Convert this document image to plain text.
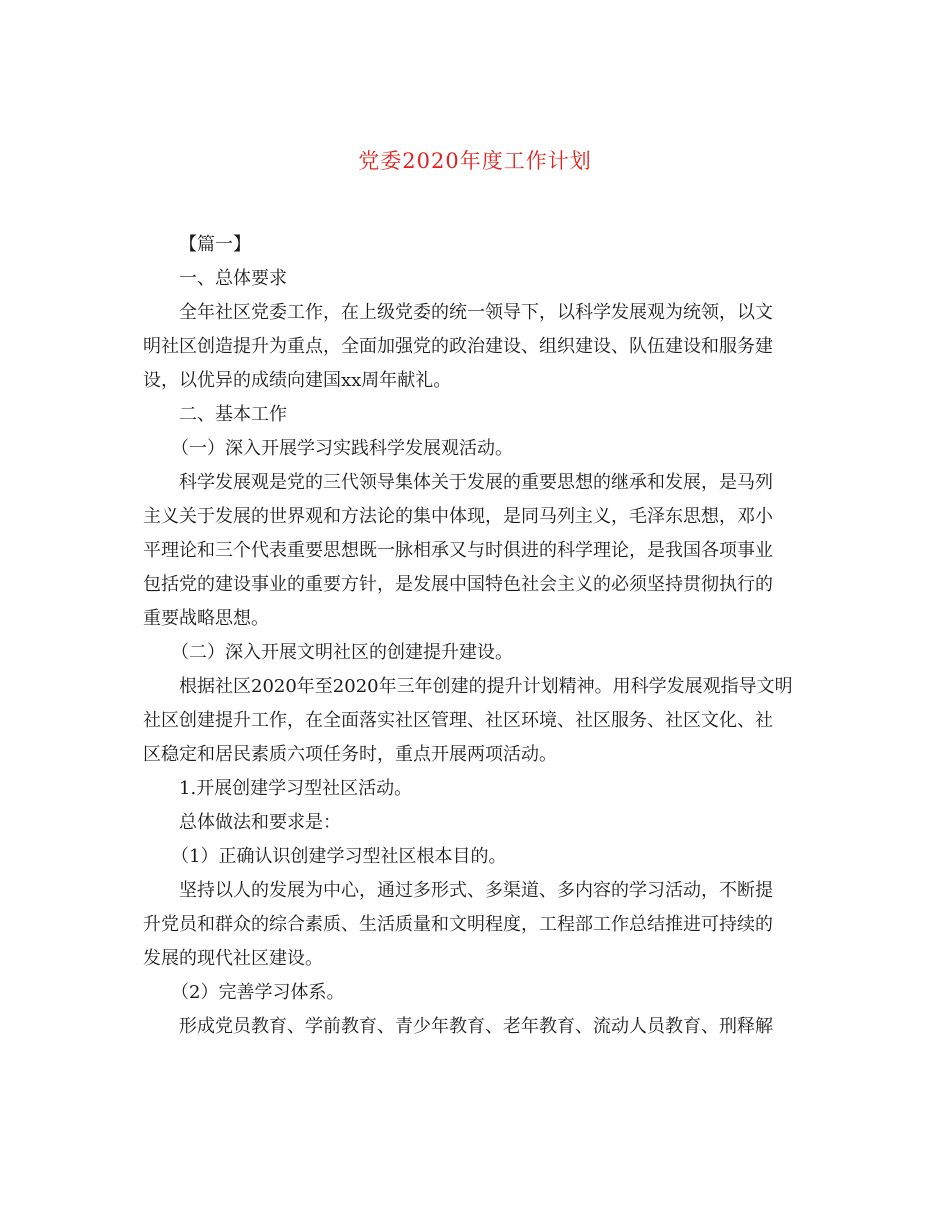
党委2020年度工作计划
【篇一】
一、总体要求
全年社区党委工作，在上级党委的统一领导下，以科学发展观为统领，以文
明社区创造提升为重点，全面加强党的政治建设、组织建设、队伍建设和服务建
设，以优异的成绩向建国xx周年献礼。
二、基本工作
（一）深入开展学习实践科学发展观活动。
科学发展观是党的三代领导集体关于发展的重要思想的继承和发展，是马列
主义关于发展的世界观和方法论的集中体现，是同马列主义，毛泽东思想，邓小
平理论和三个代表重要思想既一脉相承又与时俱进的科学理论，是我国各项事业
包括党的建设事业的重要方针，是发展中国特色社会主义的必须坚持贯彻执行的
重要战略思想。
（二）深入开展文明社区的创建提升建设。
根据社区2020年至2020年三年创建的提升计划精神。用科学发展观指导文明
社区创建提升工作，在全面落实社区管理、社区环境、社区服务、社区文化、社
区稳定和居民素质六项任务时，重点开展两项活动。
1.开展创建学习型社区活动。
总体做法和要求是：
（1）正确认识创建学习型社区根本目的。
坚持以人的发展为中心，通过多形式、多渠道、多内容的学习活动，不断提
升党员和群众的综合素质、生活质量和文明程度，工程部工作总结推进可持续的
发展的现代社区建设。
（2）完善学习体系。
形成党员教育、学前教育、青少年教育、老年教育、流动人员教育、刑释解
